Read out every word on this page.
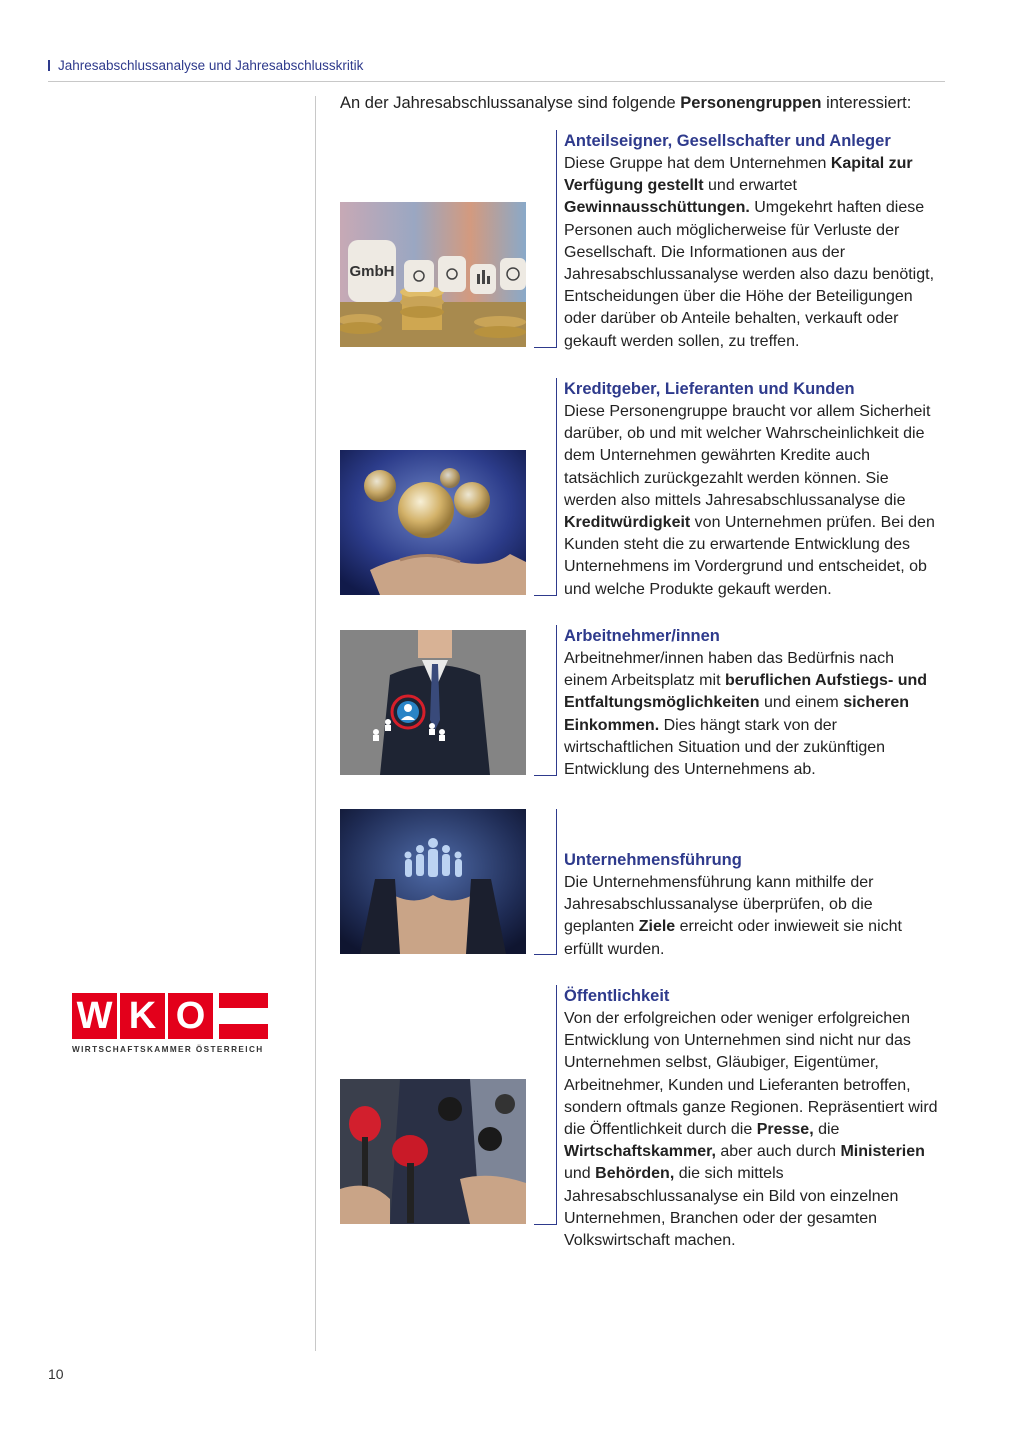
Jahresabschlussanalyse und Jahresabschlusskritik
An der Jahresabschlussanalyse sind folgende Personengruppen interessiert:
GmbH
Anteilseigner, Gesellschafter und Anleger

Diese Gruppe hat dem Unternehmen Kapital zur Verfügung gestellt und erwartet Gewinnausschüttungen. Umgekehrt haften diese Personen auch möglicherweise für Verluste der Gesellschaft. Die Informationen aus der Jahresabschlussanalyse werden also dazu benötigt, Entscheidungen über die Höhe der Beteiligungen oder darüber ob Anteile behalten, verkauft oder gekauft werden sollen, zu treffen.

Kreditgeber, Lieferanten und Kunden

Diese Personengruppe braucht vor allem Sicherheit darüber, ob und mit welcher Wahrscheinlichkeit die dem Unternehmen gewährten Kredite auch tatsächlich zurückgezahlt werden können. Sie werden also mittels Jahresabschlussanalyse die Kreditwürdigkeit von Unternehmen prüfen. Bei den Kunden steht die zu erwartende Entwicklung des Unternehmens im Vordergrund und entscheidet, ob und welche Produkte gekauft werden.

Arbeitnehmer/innen

Arbeitnehmer/innen haben das Bedürfnis nach einem Arbeitsplatz mit beruflichen Aufstiegs- und Entfaltungsmöglichkeiten und einem sicheren Einkommen. Dies hängt stark von der wirtschaftlichen Situation und der zukünftigen Entwicklung des Unternehmens ab.

Unternehmensführung

Die Unternehmensführung kann mithilfe der Jahresabschlussanalyse überprüfen, ob die geplanten Ziele erreicht oder inwieweit sie nicht erfüllt wurden.

Öffentlichkeit

Von der erfolgreichen oder weniger erfolgreichen Entwicklung von Unternehmen sind nicht nur das Unternehmen selbst, Gläubiger, Eigentümer, Arbeitnehmer, Kunden und Lieferanten betroffen, sondern oftmals ganze Regionen. Repräsentiert wird die Öffentlichkeit durch die Presse, die Wirtschaftskammer, aber auch durch Ministerien und Behörden, die sich mittels Jahresabschlussanalyse ein Bild von einzelnen Unternehmen, Branchen oder der gesamten Volkswirtschaft machen.

W K O
WIRTSCHAFTSKAMMER ÖSTERREICH
10
